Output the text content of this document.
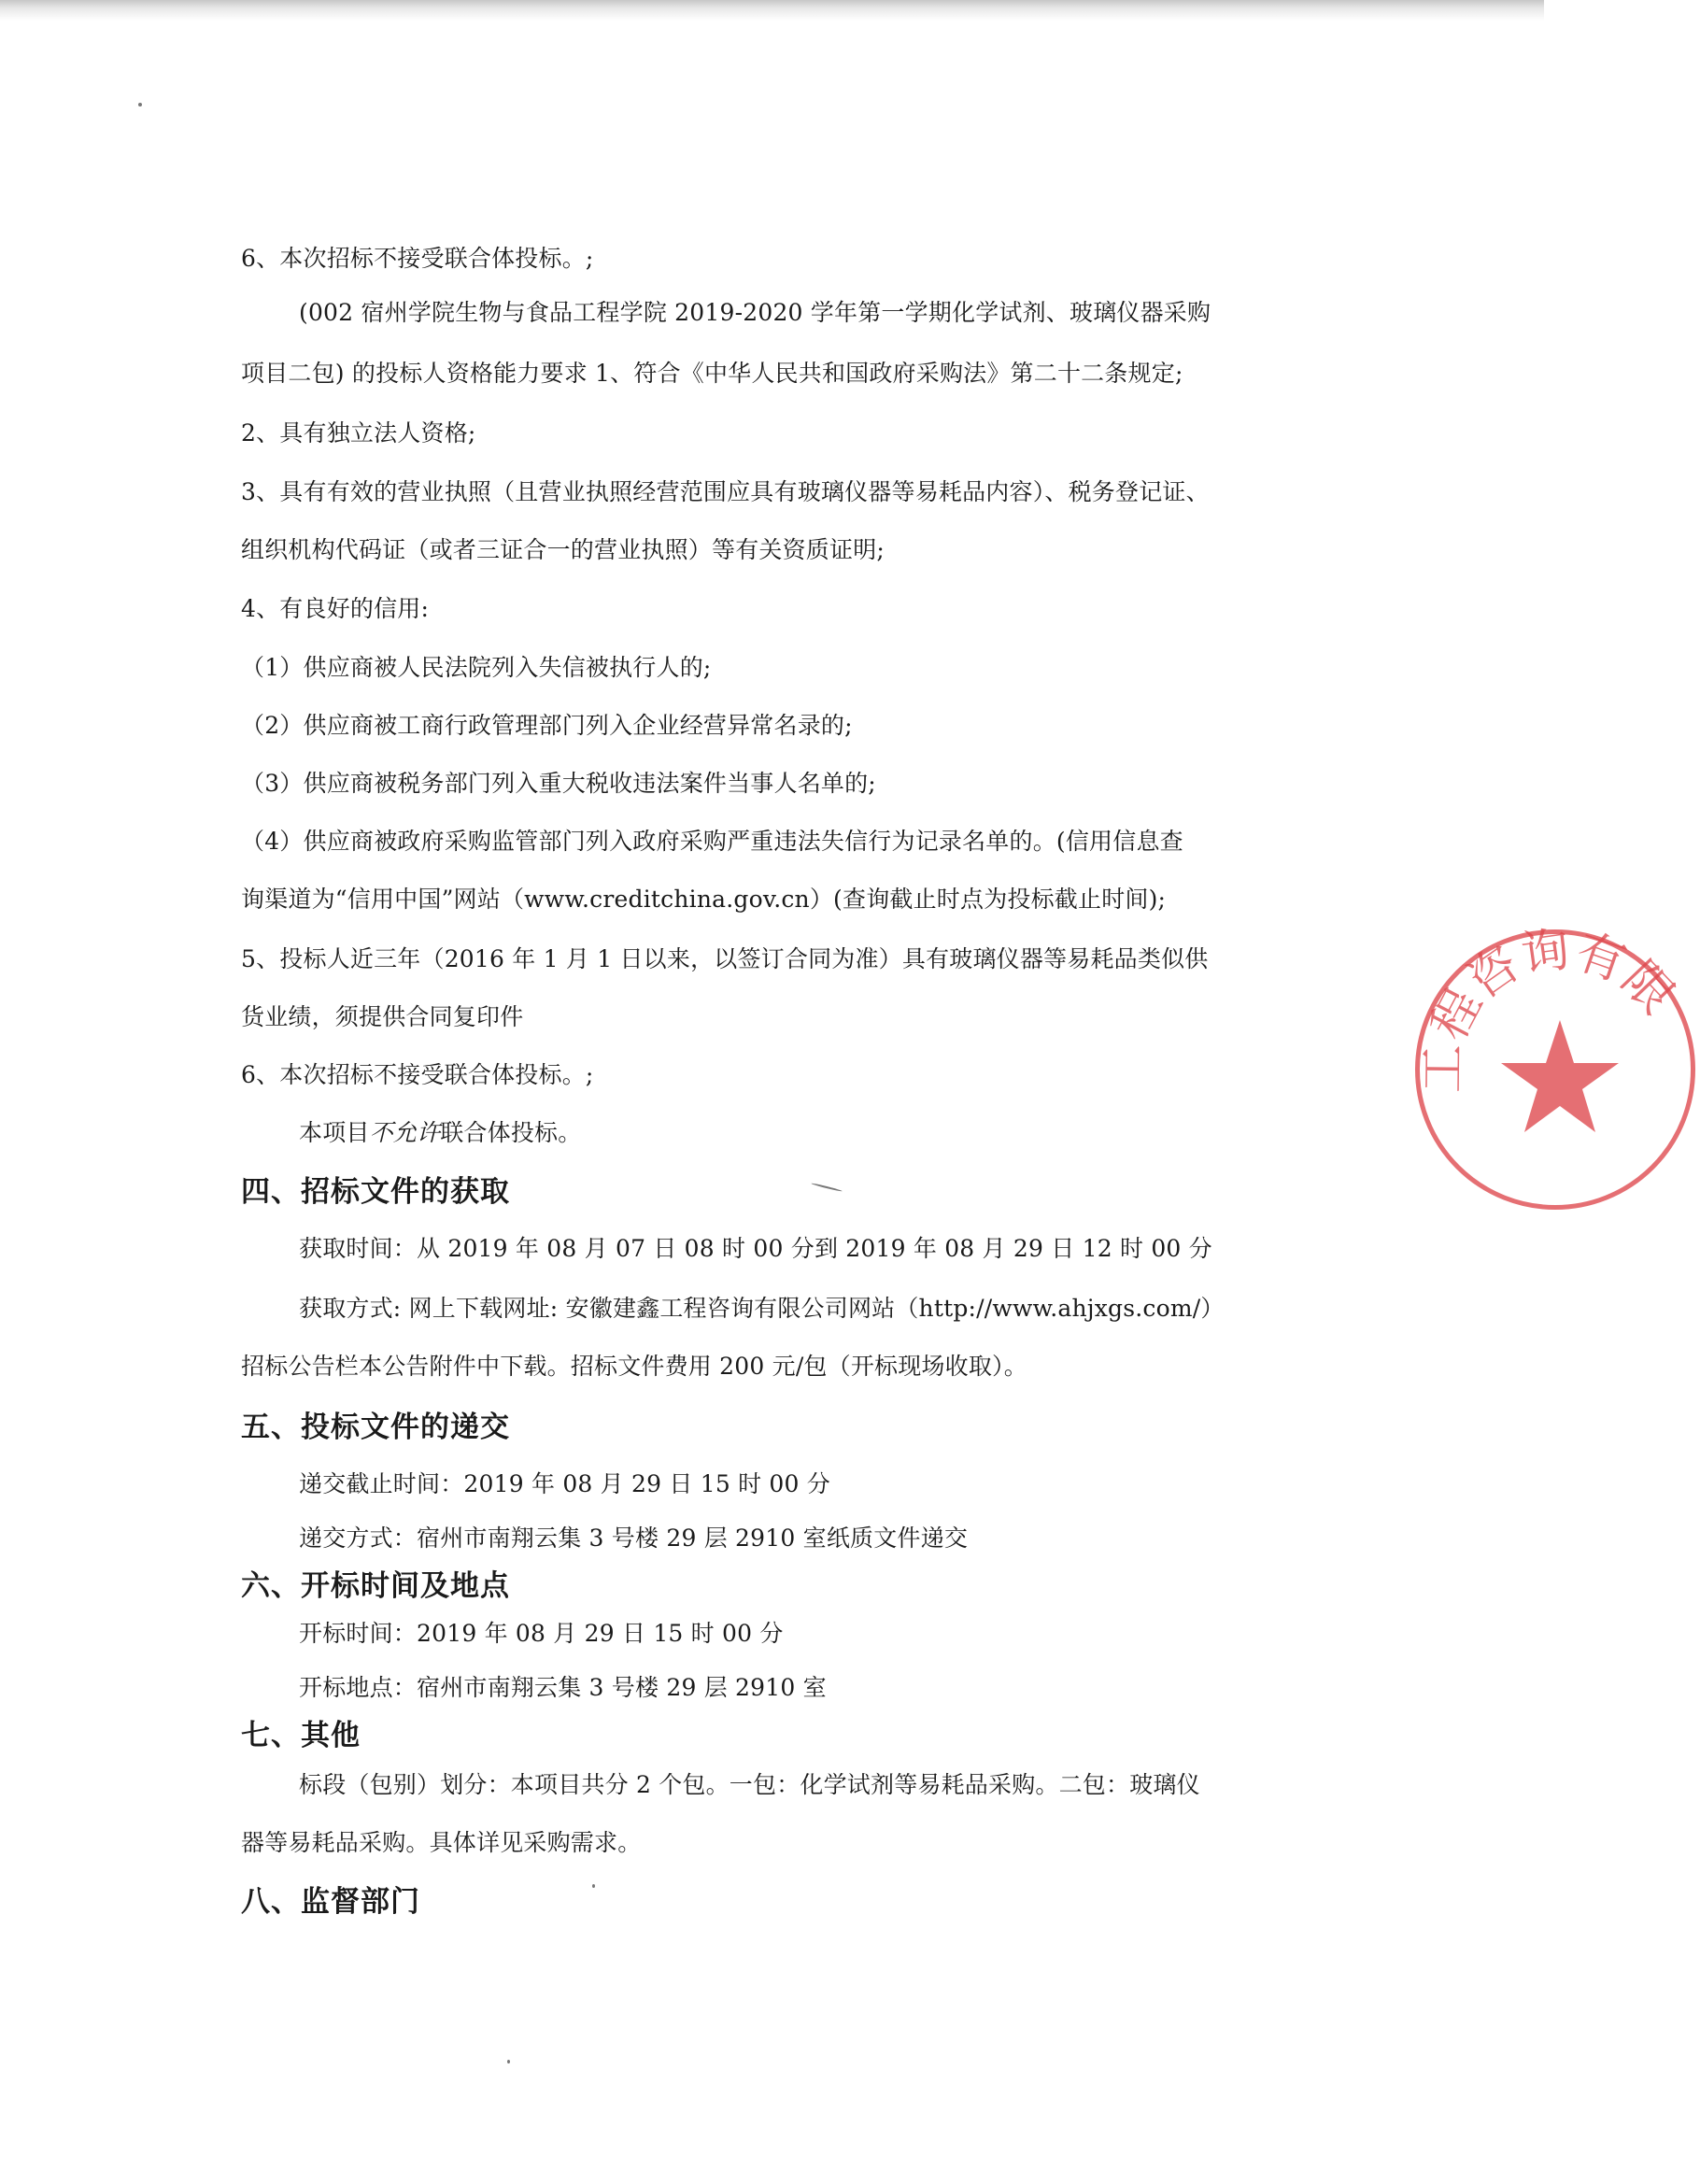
6、本次招标不接受联合体投标。;
(002 宿州学院生物与食品工程学院 2019-2020 学年第一学期化学试剂、玻璃仪器采购
项目二包) 的投标人资格能力要求 1、符合《中华人民共和国政府采购法》第二十二条规定;
2、具有独立法人资格;
3、具有有效的营业执照（且营业执照经营范围应具有玻璃仪器等易耗品内容）、税务登记证、
组织机构代码证（或者三证合一的营业执照）等有关资质证明;
4、有良好的信用:
（1）供应商被人民法院列入失信被执行人的;
（2）供应商被工商行政管理部门列入企业经营异常名录的;
（3）供应商被税务部门列入重大税收违法案件当事人名单的;
（4）供应商被政府采购监管部门列入政府采购严重违法失信行为记录名单的。(信用信息查
询渠道为“信用中国”网站（www.creditchina.gov.cn）(查询截止时点为投标截止时间);
5、投标人近三年（2016 年 1 月 1 日以来，以签订合同为准）具有玻璃仪器等易耗品类似供
货业绩，须提供合同复印件
6、本次招标不接受联合体投标。;
本项目不允许联合体投标。
四、招标文件的获取
获取时间：从 2019 年 08 月 07 日 08 时 00 分到 2019 年 08 月 29 日 12 时 00 分
获取方式: 网上下载网址: 安徽建鑫工程咨询有限公司网站（http://www.ahjxgs.com/）
招标公告栏本公告附件中下载。招标文件费用 200 元/包（开标现场收取）。
五、投标文件的递交
递交截止时间：2019 年 08 月 29 日 15 时 00 分
递交方式：宿州市南翔云集 3 号楼 29 层 2910 室纸质文件递交
六、开标时间及地点
开标时间：2019 年 08 月 29 日 15 时 00 分
开标地点：宿州市南翔云集 3 号楼 29 层 2910 室
七、其他
标段（包别）划分：本项目共分 2 个包。一包：化学试剂等易耗品采购。二包：玻璃仪
器等易耗品采购。具体详见采购需求。
八、监督部门
工程咨询有限公司
